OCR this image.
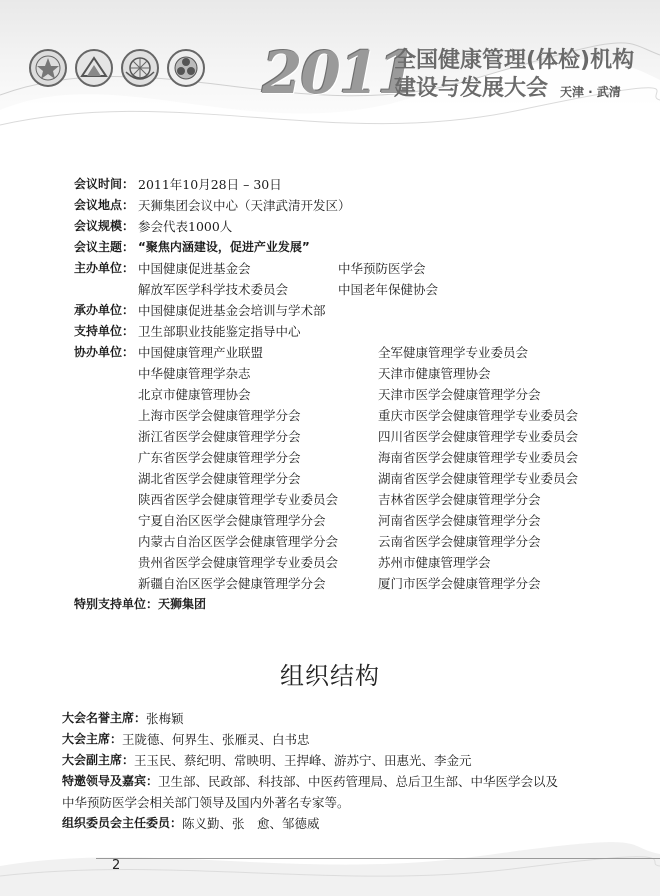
2011
全国健康管理(体检)机构
建设与发展大会 天津 · 武清
会议时间： 2011年10月28日 – 30日
会议地点： 天狮集团会议中心（天津武清开发区）
会议规模： 参会代表1000人
会议主题： “聚焦内涵建设，促进产业发展”
主办单位： 中国健康促进基金会	中华预防医学会
解放军医学科学技术委员会	中国老年保健协会
承办单位： 中国健康促进基金会培训与学术部
支持单位： 卫生部职业技能鉴定指导中心
协办单位： 中国健康管理产业联盟	全军健康管理学专业委员会
中华健康管理学杂志	天津市健康管理协会
北京市健康管理协会	天津市医学会健康管理学分会
上海市医学会健康管理学分会	重庆市医学会健康管理学专业委员会
浙江省医学会健康管理学分会	四川省医学会健康管理学专业委员会
广东省医学会健康管理学分会	海南省医学会健康管理学专业委员会
湖北省医学会健康管理学分会	湖南省医学会健康管理学专业委员会
陕西省医学会健康管理学专业委员会	吉林省医学会健康管理学分会
宁夏自治区医学会健康管理学分会	河南省医学会健康管理学分会
内蒙古自治区医学会健康管理学分会	云南省医学会健康管理学分会
贵州省医学会健康管理学专业委员会	苏州市健康管理学会
新疆自治区医学会健康管理学分会	厦门市医学会健康管理学分会
特别支持单位： 天狮集团
组织结构
大会名誉主席： 张梅颖
大会主席： 王陇德、何界生、张雁灵、白书忠
大会副主席： 王玉民、蔡纪明、常映明、王捍峰、游苏宁、田惠光、李金元
特邀领导及嘉宾： 卫生部、民政部、科技部、中医药管理局、总后卫生部、中华医学会以及
中华预防医学会相关部门领导及国内外著名专家等。
组织委员会主任委员： 陈义勤、张　愈、邹德威
2
